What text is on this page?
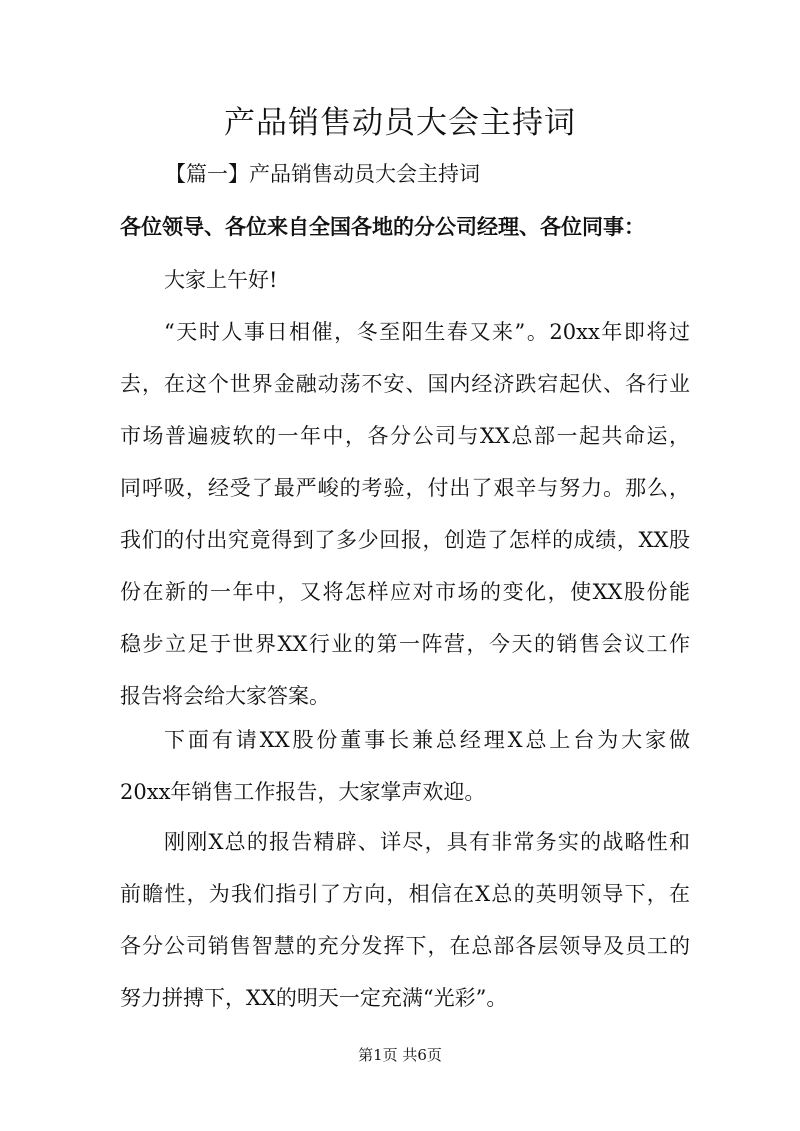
产品销售动员大会主持词

【篇一】产品销售动员大会主持词

各位领导、各位来自全国各地的分公司经理、各位同事：

大家上午好!

“天时人事日相催，冬至阳生春又来”。20xx年即将过
去，在这个世界金融动荡不安、国内经济跌宕起伏、各行业
市场普遍疲软的一年中，各分公司与XX总部一起共命运，
同呼吸，经受了最严峻的考验，付出了艰辛与努力。那么，
我们的付出究竟得到了多少回报，创造了怎样的成绩，XX股
份在新的一年中，又将怎样应对市场的变化，使XX股份能
稳步立足于世界XX行业的第一阵营，今天的销售会议工作
报告将会给大家答案。

下面有请XX股份董事长兼总经理X总上台为大家做
20xx年销售工作报告，大家掌声欢迎。

刚刚X总的报告精辟、详尽，具有非常务实的战略性和
前瞻性，为我们指引了方向，相信在X总的英明领导下，在
各分公司销售智慧的充分发挥下，在总部各层领导及员工的
努力拼搏下，XX的明天一定充满“光彩”。

第1页 共6页
